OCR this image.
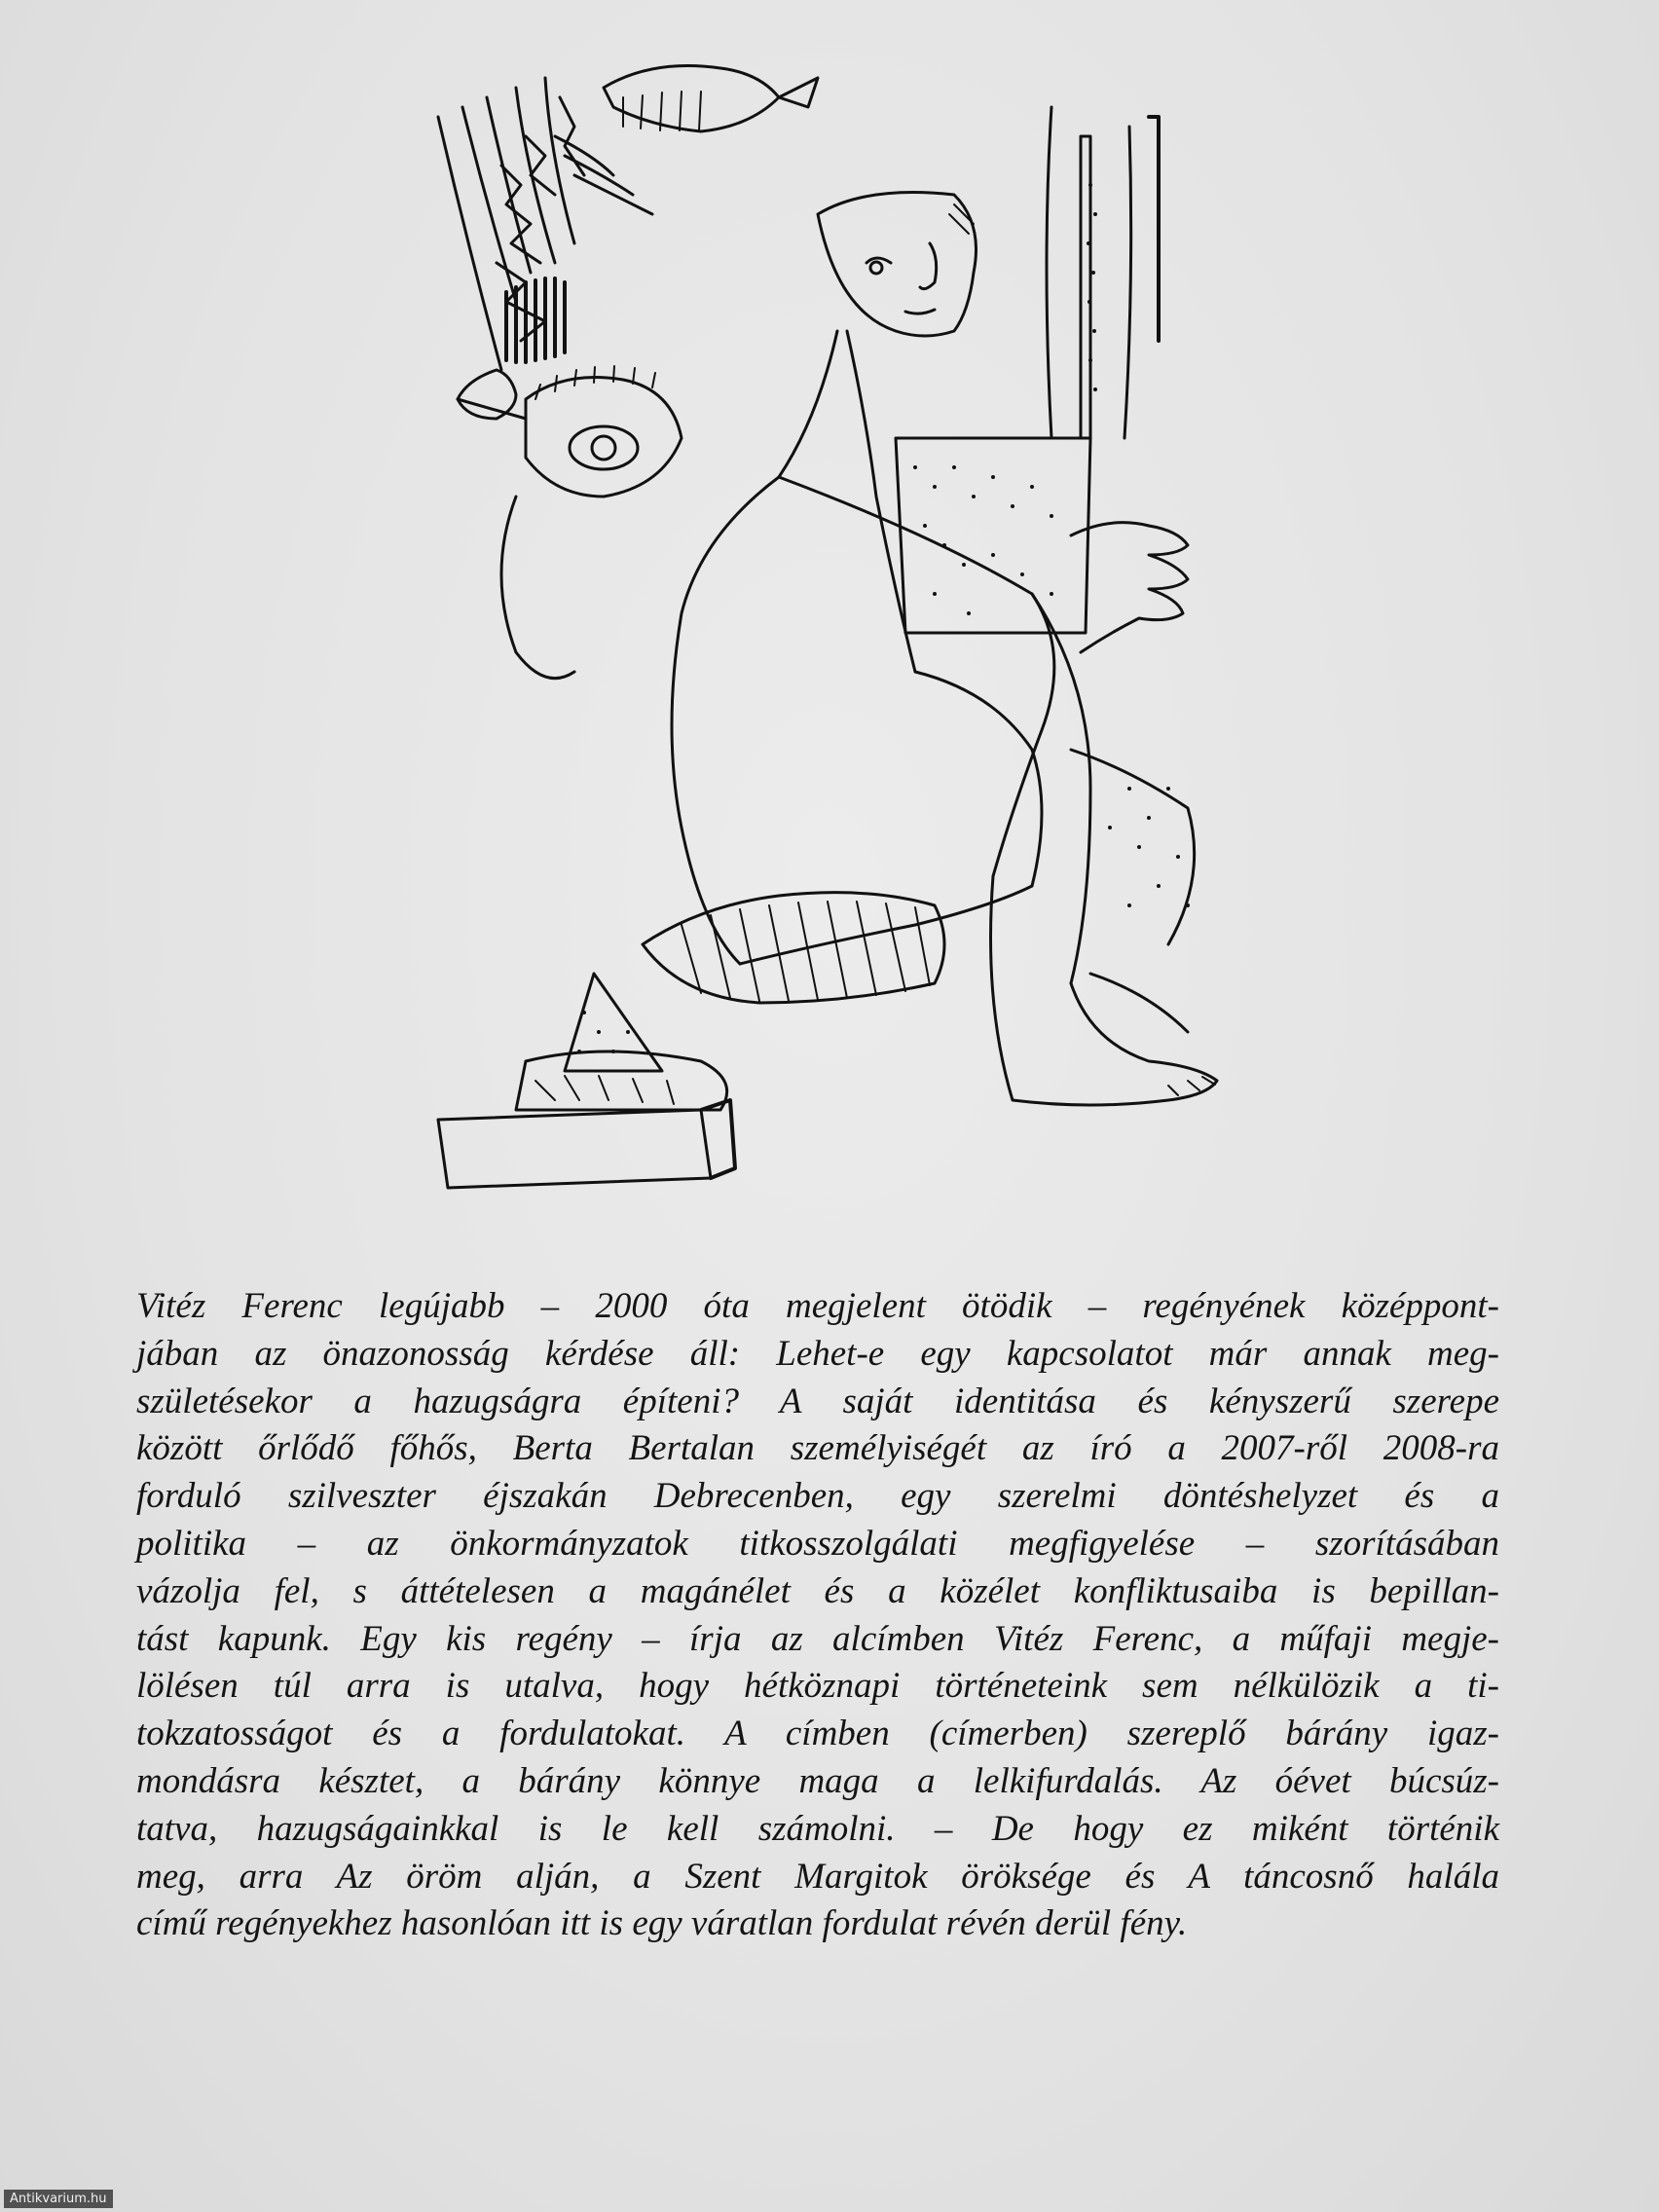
Vitéz Ferenc legújabb – 2000 óta megjelent ötödik – regényének középpont-
jában az önazonosság kérdése áll: Lehet-e egy kapcsolatot már annak meg-
születésekor a hazugságra építeni? A saját identitása és kényszerű szerepe
között őrlődő főhős, Berta Bertalan személyiségét az író a 2007-ről 2008-ra
forduló szilveszter éjszakán Debrecenben, egy szerelmi döntéshelyzet és a
politika – az önkormányzatok titkosszolgálati megfigyelése – szorításában
vázolja fel, s áttételesen a magánélet és a közélet konfliktusaiba is bepillan-
tást kapunk. Egy kis regény – írja az alcímben Vitéz Ferenc, a műfaji megje-
lölésen túl arra is utalva, hogy hétköznapi történeteink sem nélkülözik a ti-
tokzatosságot és a fordulatokat. A címben (címerben) szereplő bárány igaz-
mondásra késztet, a bárány könnye maga a lelkifurdalás. Az óévet búcsúz-
tatva, hazugságainkkal is le kell számolni. – De hogy ez miként történik
meg, arra Az öröm alján, a Szent Margitok öröksége és A táncosnő halála
című regényekhez hasonlóan itt is egy váratlan fordulat révén derül fény.
Antikvarium.hu
